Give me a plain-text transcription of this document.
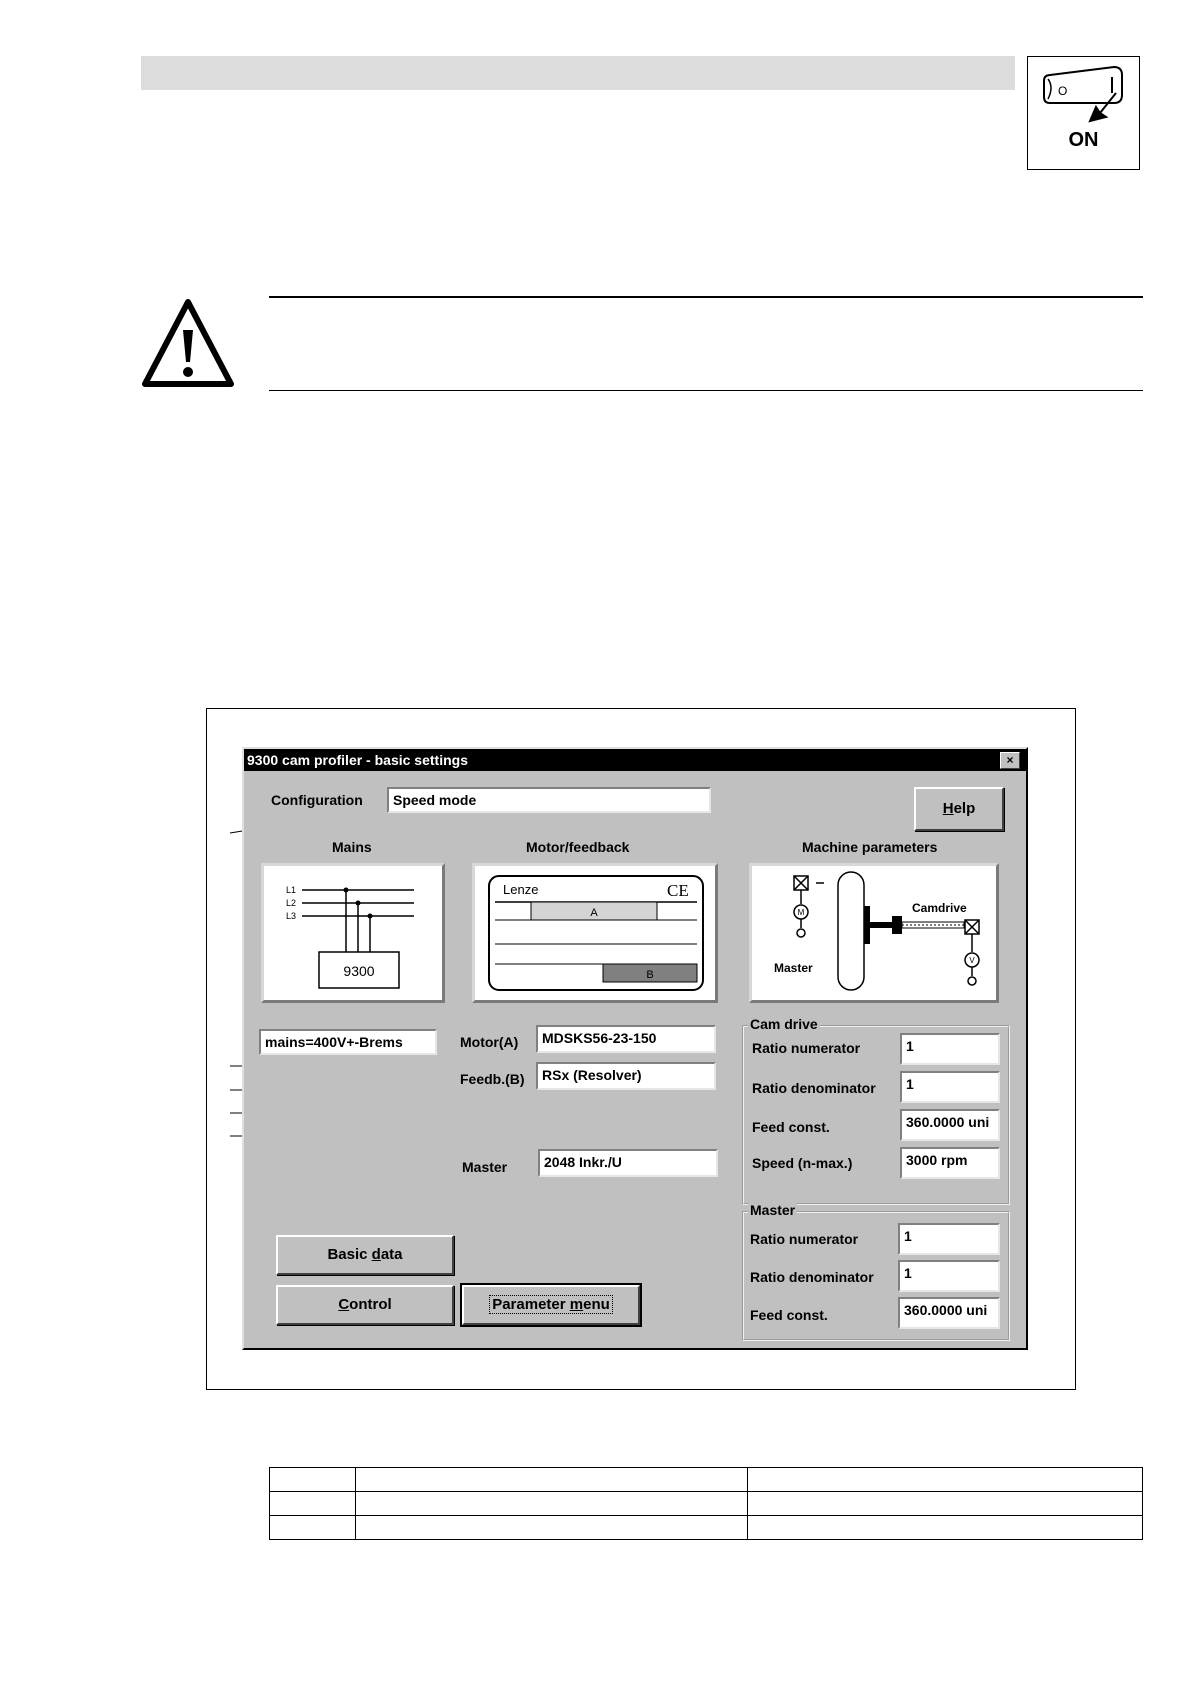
O
ON
9300 cam profiler - basic settings	×
Configuration	Speed mode	Help
Mains	Motor/feedback	Machine parameters
L1
L2
L3
9300
Lenze	CE
A
B
Camdrive
Master
M
V
mains=400V+-Brems	Motor(A)	MDSKS56-23-150
Feedb.(B)	RSx (Resolver)
Master	2048 Inkr./U
Cam drive
Ratio numerator	1
Ratio denominator	1
Feed const.	360.0000 uni
Speed (n-max.)	3000 rpm
Master
Ratio numerator	1
Ratio denominator	1
Feed const.	360.0000 uni
Basic data
Control	Parameter menu
